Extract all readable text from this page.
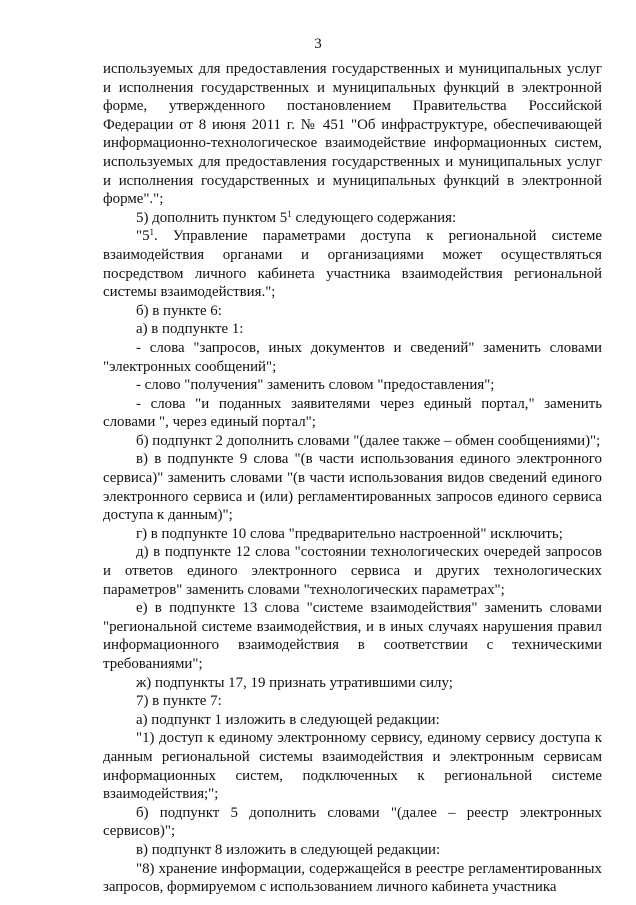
3

используемых для предоставления государственных и муниципальных услуг и исполнения государственных и муниципальных функций в электронной форме, утвержденного постановлением Правительства Российской Федерации от 8 июня 2011 г. № 451 "Об инфраструктуре, обеспечивающей информационно-технологическое взаимодействие информационных систем, используемых для предоставления государственных и муниципальных услуг и исполнения государственных и муниципальных функций в электронной форме".";

5) дополнить пунктом $5^1$ следующего содержания:

"$5^1$. Управление параметрами доступа к региональной системе взаимодействия органами и организациями может осуществляться посредством личного кабинета участника взаимодействия региональной системы взаимодействия.";

б) в пункте 6:

а) в подпункте 1:

- слова "запросов, иных документов и сведений" заменить словами "электронных сообщений";

- слово "получения" заменить словом "предоставления";

- слова "и поданных заявителями через единый портал," заменить словами ", через единый портал";

б) подпункт 2 дополнить словами "(далее также – обмен сообщениями)";

в) в подпункте 9 слова "(в части использования единого электронного сервиса)" заменить словами "(в части использования видов сведений единого электронного сервиса и (или) регламентированных запросов единого сервиса доступа к данным)";

г) в подпункте 10 слова "предварительно настроенной" исключить;

д) в подпункте 12 слова "состоянии технологических очередей запросов и ответов единого электронного сервиса и других технологических параметров" заменить словами "технологических параметрах";

е) в подпункте 13 слова "системе взаимодействия" заменить словами "региональной системе взаимодействия, и в иных случаях нарушения правил информационного взаимодействия в соответствии с техническими требованиями";

ж) подпункты 17, 19 признать утратившими силу;

7) в пункте 7:

а) подпункт 1 изложить в следующей редакции:

"1) доступ к единому электронному сервису, единому сервису доступа к данным региональной системы взаимодействия и электронным сервисам информационных систем, подключенных к региональной системе взаимодействия;";

б) подпункт 5 дополнить словами "(далее – реестр электронных сервисов)";

в) подпункт 8 изложить в следующей редакции:

"8) хранение информации, содержащейся в реестре регламентированных запросов, формируемом с использованием личного кабинета участника
